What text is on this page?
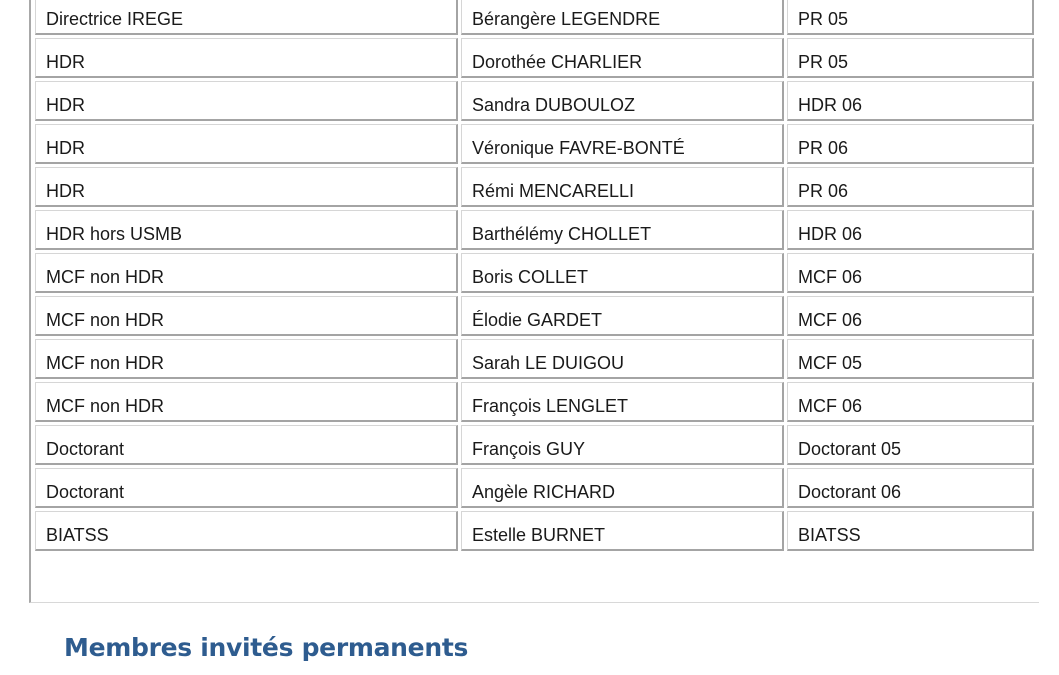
Directrice IREGE	Bérangère LEGENDRE	PR 05

HDR	Dorothée CHARLIER	PR 05

HDR	Sandra DUBOULOZ	HDR 06

HDR	Véronique FAVRE-BONTÉ	PR 06

HDR	Rémi MENCARELLI	PR 06

HDR hors USMB	Barthélémy CHOLLET	HDR 06

MCF non HDR	Boris COLLET	MCF 06

MCF non HDR	Élodie GARDET	MCF 06

MCF non HDR	Sarah LE DUIGOU	MCF 05

MCF non HDR	François LENGLET	MCF 06

Doctorant	François GUY	Doctorant 05

Doctorant	Angèle RICHARD	Doctorant 06

BIATSS	Estelle BURNET	BIATSS
Membres invités permanents
